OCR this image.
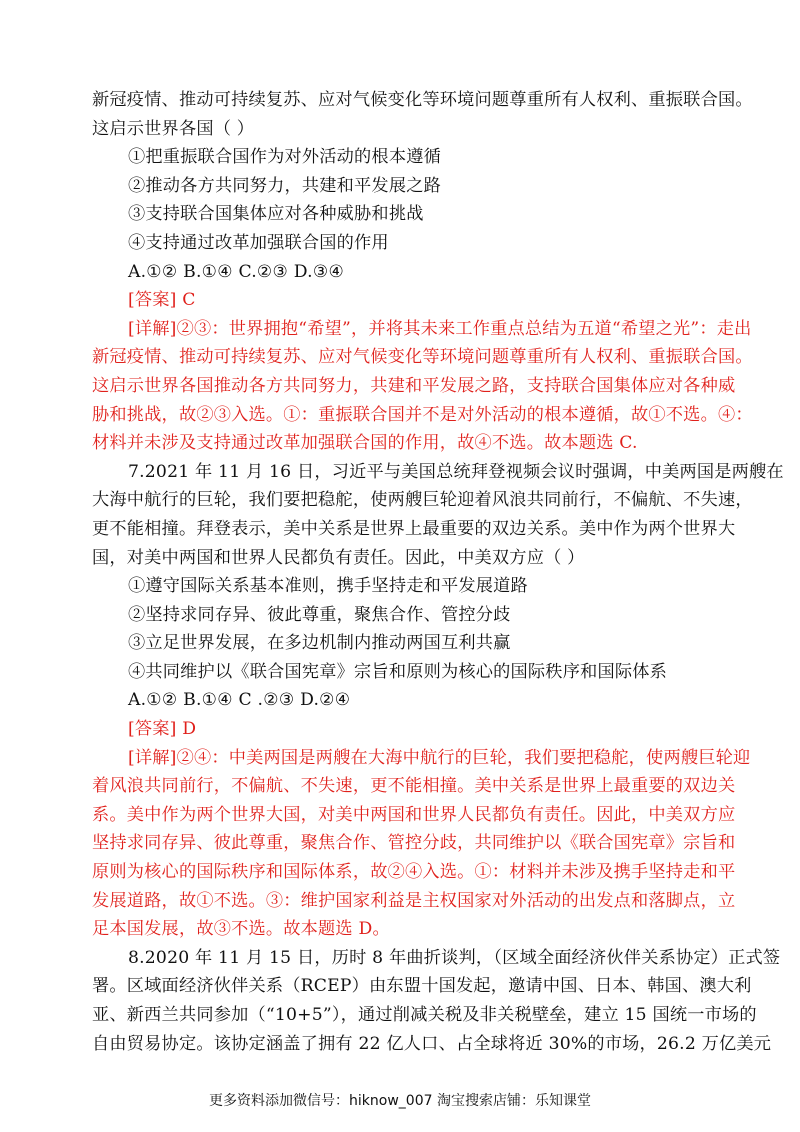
新冠疫情、推动可持续复苏、应对气候变化等环境问题尊重所有人权利、重振联合国。
这启示世界各国（ ）
①把重振联合国作为对外活动的根本遵循
②推动各方共同努力，共建和平发展之路
③支持联合国集体应对各种威胁和挑战
④支持通过改革加强联合国的作用
A.①② B.①④ C.②③ D.③④
[答案] C
[详解]②③：世界拥抱“希望”，并将其未来工作重点总结为五道“希望之光”：走出
新冠疫情、推动可持续复苏、应对气候变化等环境问题尊重所有人权利、重振联合国。
这启示世界各国推动各方共同努力，共建和平发展之路，支持联合国集体应对各种威
胁和挑战，故②③入选。①：重振联合国并不是对外活动的根本遵循，故①不选。④：
材料并未涉及支持通过改革加强联合国的作用，故④不选。故本题选 C.
7.2021 年 11 月 16 日，习近平与美国总统拜登视频会议时强调，中美两国是两艘在
大海中航行的巨轮，我们要把稳舵，使两艘巨轮迎着风浪共同前行，不偏航、不失速，
更不能相撞。拜登表示，美中关系是世界上最重要的双边关系。美中作为两个世界大
国，对美中两国和世界人民都负有责任。因此，中美双方应（ ）
①遵守国际关系基本准则，携手坚持走和平发展道路
②坚持求同存异、彼此尊重，聚焦合作、管控分歧
③立足世界发展，在多边机制内推动两国互利共赢
④共同维护以《联合国宪章》宗旨和原则为核心的国际秩序和国际体系
A.①② B.①④ C .②③ D.②④
[答案] D
[详解]②④：中美两国是两艘在大海中航行的巨轮，我们要把稳舵，使两艘巨轮迎
着风浪共同前行，不偏航、不失速，更不能相撞。美中关系是世界上最重要的双边关
系。美中作为两个世界大国，对美中两国和世界人民都负有责任。因此，中美双方应
坚持求同存异、彼此尊重，聚焦合作、管控分歧，共同维护以《联合国宪章》宗旨和
原则为核心的国际秩序和国际体系，故②④入选。①：材料并未涉及携手坚持走和平
发展道路，故①不选。③：维护国家利益是主权国家对外活动的出发点和落脚点，立
足本国发展，故③不选。故本题选 D。
8.2020 年 11 月 15 日，历时 8 年曲折谈判，（区域全面经济伙伴关系协定）正式签
署。区域面经济伙伴关系（RCEP）由东盟十国发起，邀请中国、日本、韩国、澳大利
亚、新西兰共同参加（“10+5”），通过削减关税及非关税壁垒，建立 15 国统一市场的
自由贸易协定。该协定涵盖了拥有 22 亿人口、占全球将近 30%的市场，26.2 万亿美元
更多资料添加微信号：hiknow_007 淘宝搜索店铺：乐知课堂
